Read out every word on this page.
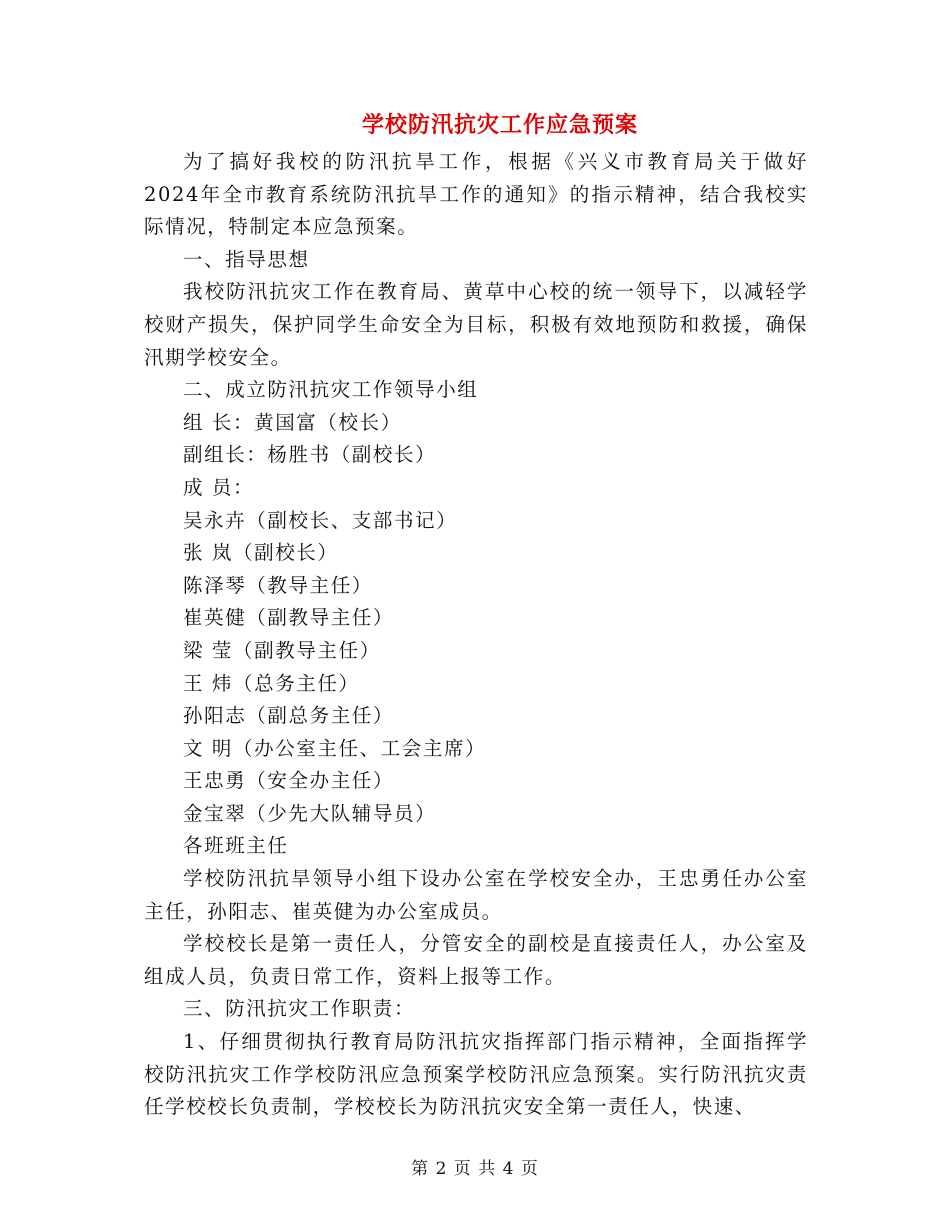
学校防汛抗灾工作应急预案

为了搞好我校的防汛抗旱工作，根据《兴义市教育局关于做好2024年全市教育系统防汛抗旱工作的通知》的指示精神，结合我校实际情况，特制定本应急预案。

一、指导思想

我校防汛抗灾工作在教育局、黄草中心校的统一领导下，以减轻学校财产损失，保护同学生命安全为目标，积极有效地预防和救援，确保汛期学校安全。

二、成立防汛抗灾工作领导小组

组 长：黄国富（校长）

副组长：杨胜书（副校长）

成 员：

吴永卉（副校长、支部书记）

张 岚（副校长）

陈泽琴（教导主任）

崔英健（副教导主任）

梁 莹（副教导主任）

王 炜（总务主任）

孙阳志（副总务主任）

文 明（办公室主任、工会主席）

王忠勇（安全办主任）

金宝翠（少先大队辅导员）

各班班主任

学校防汛抗旱领导小组下设办公室在学校安全办，王忠勇任办公室主任，孙阳志、崔英健为办公室成员。

学校校长是第一责任人，分管安全的副校是直接责任人，办公室及组成人员，负责日常工作，资料上报等工作。

三、防汛抗灾工作职责：

1、仔细贯彻执行教育局防汛抗灾指挥部门指示精神，全面指挥学校防汛抗灾工作学校防汛应急预案学校防汛应急预案。实行防汛抗灾责任学校校长负责制，学校校长为防汛抗灾安全第一责任人，快速、

第 2 页 共 4 页
